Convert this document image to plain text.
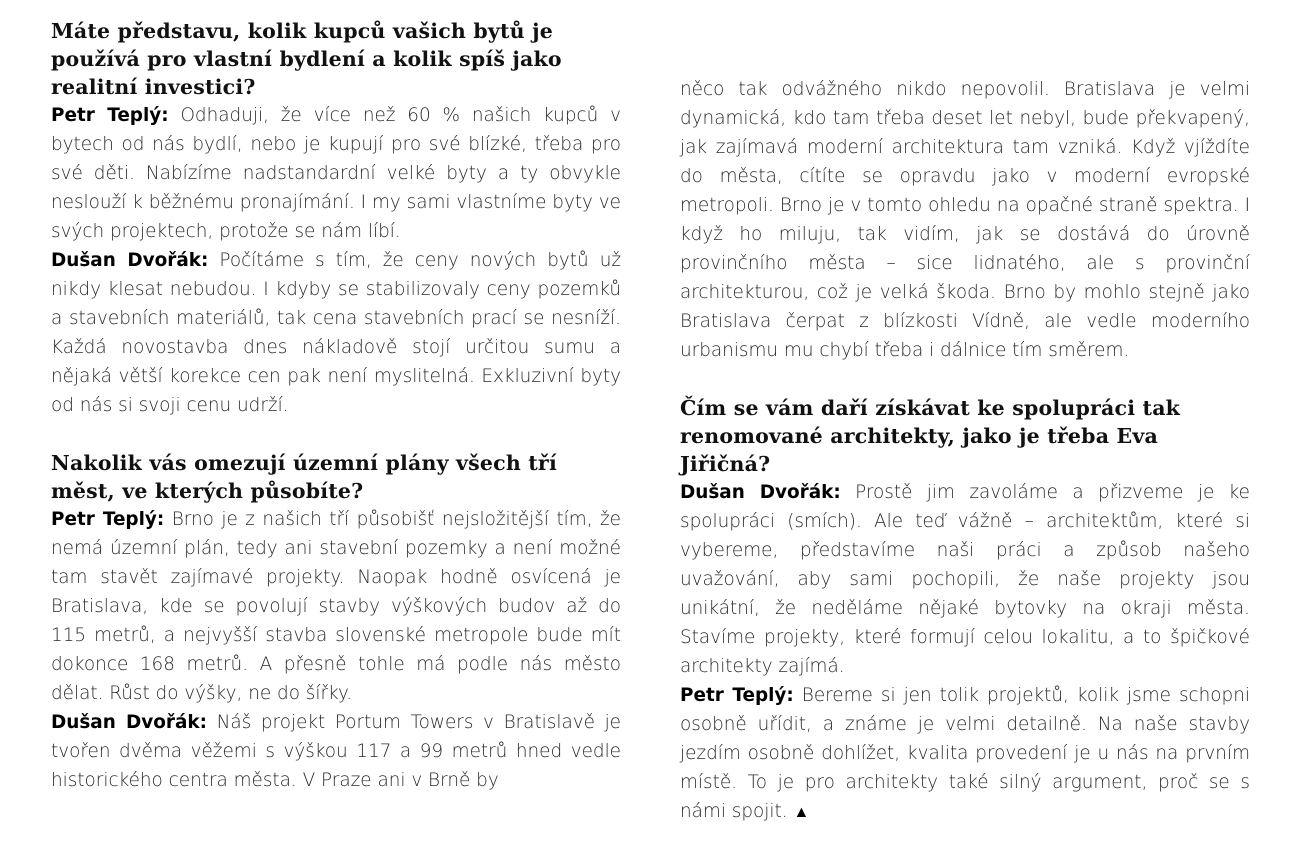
Máte představu, kolik kupců vašich bytů je používá pro vlastní bydlení a kolik spíš jako realitní investici?

Petr Teplý: Odhaduji, že více než 60 % našich kupců v bytech od nás bydlí, nebo je kupují pro své blízké, třeba pro své děti. Nabízíme nadstandardní velké byty a ty obvykle neslouží k běžnému pronajímání. I my sami vlastníme byty ve svých projektech, protože se nám líbí.

Dušan Dvořák: Počítáme s tím, že ceny nových bytů už nikdy klesat nebudou. I kdyby se stabilizovaly ceny pozemků a stavebních materiálů, tak cena stavebních prací se nesníží. Každá novostavba dnes nákladově stojí určitou sumu a nějaká větší korekce cen pak není myslitelná. Exkluzivní byty od nás si svoji cenu udrží.

Nakolik vás omezují územní plány všech tří měst, ve kterých působíte?

Petr Teplý: Brno je z našich tří působišť nejsložitější tím, že nemá územní plán, tedy ani stavební pozemky a není možné tam stavět zajímavé projekty. Naopak hodně osvícená je Bratislava, kde se povolují stavby výškových budov až do 115 metrů, a nejvyšší stavba slovenské metropole bude mít dokonce 168 metrů. A přesně tohle má podle nás město dělat. Růst do výšky, ne do šířky.

Dušan Dvořák: Náš projekt Portum Towers v Bratislavě je tvořen dvěma věžemi s výškou 117 a 99 metrů hned vedle historického centra města. V Praze ani v Brně by

něco tak odvážného nikdo nepovolil. Bratislava je velmi dynamická, kdo tam třeba deset let nebyl, bude překvapený, jak zajímavá moderní architektura tam vzniká. Když vjíždíte do města, cítíte se opravdu jako v moderní evropské metropoli. Brno je v tomto ohledu na opačné straně spektra. I když ho miluju, tak vidím, jak se dostává do úrovně provinčního města – sice lidnatého, ale s provinční architekturou, což je velká škoda. Brno by mohlo stejně jako Bratislava čerpat z blízkosti Vídně, ale vedle moderního urbanismu mu chybí třeba i dálnice tím směrem.

Čím se vám daří získávat ke spolupráci tak renomované architekty, jako je třeba Eva Jiřičná?

Dušan Dvořák: Prostě jim zavoláme a přizveme je ke spolupráci (smích). Ale teď vážně – architektům, které si vybereme, představíme naši práci a způsob našeho uvažování, aby sami pochopili, že naše projekty jsou unikátní, že neděláme nějaké bytovky na okraji města. Stavíme projekty, které formují celou lokalitu, a to špičkové architekty zajímá.

Petr Teplý: Bereme si jen tolik projektů, kolik jsme schopni osobně uřídit, a známe je velmi detailně. Na naše stavby jezdím osobně dohlížet, kvalita provedení je u nás na prvním místě. To je pro architekty také silný argument, proč se s námi spojit. ▲
